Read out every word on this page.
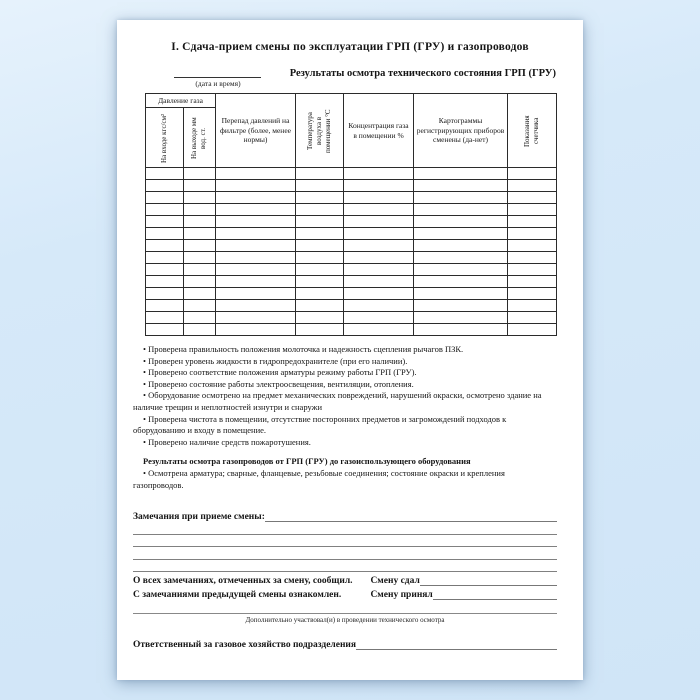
I. Сдача-прием смены по эксплуатации ГРП (ГРУ) и газопроводов
(дата и время)
Результаты осмотра технического состояния ГРП (ГРУ)
Давление газа		Перепад давлений на фильтре (более, менее нормы)	Температура воздуха в помещении °С	Концентрация газа в помещении %	Картограммы регистрирующих приборов сменены (да-нет)	Показания счетчика

На входе кгс/см²	На выходе мм вод. ст.					

• Проверена правильность положения молоточка и надежность сцепления рычагов ПЗК.

• Проверен уровень жидкости в гидропредохранителе (при его наличии).

• Проверено соответствие положения арматуры режиму работы ГРП (ГРУ).

• Проверено состояние работы электроосвещения, вентиляции, отопления.

• Оборудование осмотрено на предмет механических повреждений, нарушений окраски, осмотрено здание на наличие трещин и неплотностей изнутри и снаружи

• Проверена чистота в помещении, отсутствие посторонних предметов и загромождений подходов к оборудованию и входу в помещение.

• Проверено наличие средств пожаротушения.

Результаты осмотра газопроводов от ГРП (ГРУ) до газоиспользующего оборудования

• Осмотрена арматура; сварные, фланцевые, резьбовые соединения; состояние окраски и крепления газопроводов.

Замечания при приеме смены:
О всех замечаниях, отмеченных за смену, сообщил.	Смену сдал
С замечаниями предыдущей смены ознакомлен.	Смену принял
Дополнительно участвовал(и) в проведении технического осмотра
Ответственный за газовое хозяйство подразделения
